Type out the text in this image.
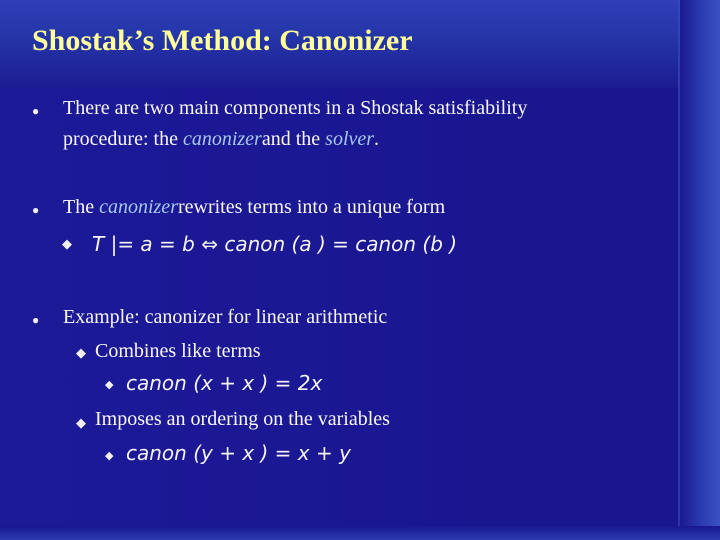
Shostak’s Method: Canonizer
● There are two main components in a Shostak satisfiability
procedure: the canonizerand the solver.
● The canonizerrewrites terms into a unique form
◆ T |= a = b ⇔ canon (a ) = canon (b )
● Example: canonizer for linear arithmetic
◆ Combines like terms
◆ canon (x + x ) = 2x
◆ Imposes an ordering on the variables
◆ canon (y + x ) = x + y
